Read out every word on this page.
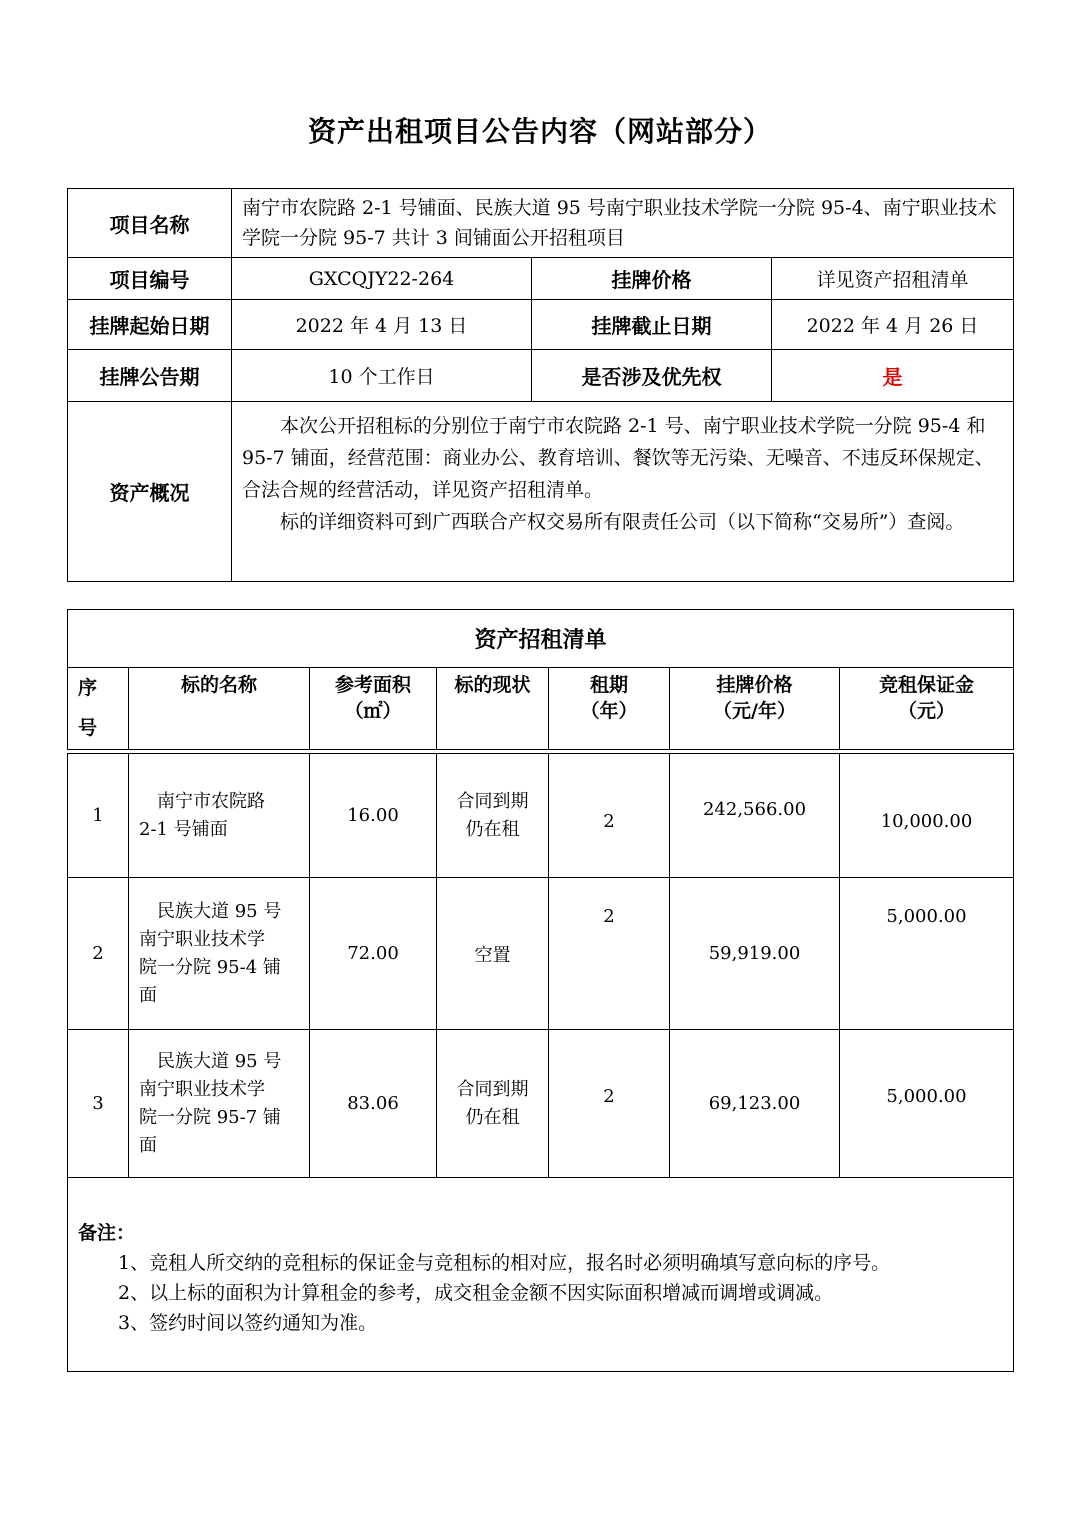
资产出租项目公告内容（网站部分）
项目名称	南宁市农院路 2-1 号铺面、民族大道 95 号南宁职业技术学院一分院 95-4、南宁职业技术学院一分院 95-7 共计 3 间铺面公开招租项目		
项目编号	GXCQJY22-264	挂牌价格	详见资产招租清单
挂牌起始日期	2022 年 4 月 13 日	挂牌截止日期	2022 年 4 月 26 日
挂牌公告期	10 个工作日	是否涉及优先权	是
资产概况	本次公开招租标的分别位于南宁市农院路 2-1 号、南宁职业技术学院一分院 95-4 和 95-7 铺面，经营范围：商业办公、教育培训、餐饮等无污染、无噪音、不违反环保规定、合法合规的经营活动，详见资产招租清单。

标的详细资料可到广西联合产权交易所有限责任公司（以下简称“交易所”）查阅。		

资产招租清单						

序
号	标的名称	参考面积
（㎡）	标的现状	租期
（年）	挂牌价格
（元/年）	竞租保证金
（元）

1	南宁市农院路
2-1 号铺面	16.00	合同到期
仍在租	2	242,566.00	10,000.00
2	民族大道 95 号
南宁职业技术学
院一分院 95-4 铺
面	72.00	空置	2	59,919.00	5,000.00
3	民族大道 95 号
南宁职业技术学
院一分院 95-7 铺
面	83.06	合同到期
仍在租	2	69,123.00	5,000.00

备注：
1、竞租人所交纳的竞租标的保证金与竞租标的相对应，报名时必须明确填写意向标的序号。
2、以上标的面积为计算租金的参考，成交租金金额不因实际面积增减而调增或调减。
3、签约时间以签约通知为准。						
